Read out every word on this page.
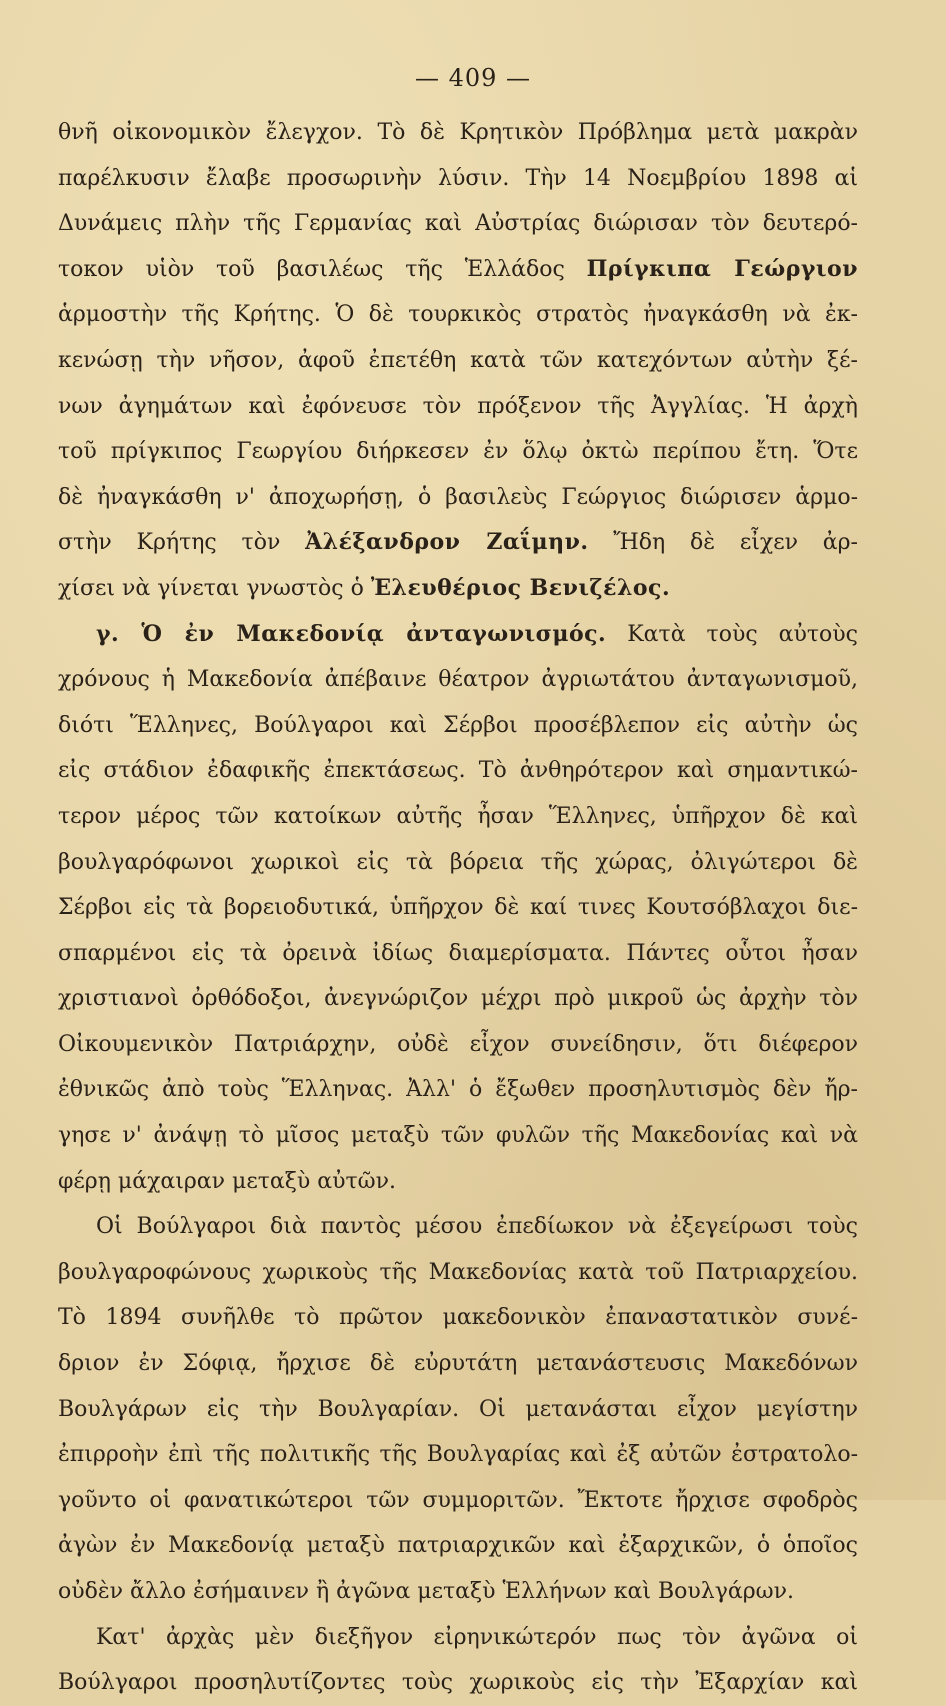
— 409 —
θνῆ οἰκονομικὸν ἔλεγχον. Τὸ δὲ Κρητικὸν Πρόβλημα μετὰ μακρὰν
παρέλκυσιν ἔλαβε προσωρινὴν λύσιν. Τὴν 14 Νοεμβρίου 1898 αἱ
Δυνάμεις πλὴν τῆς Γερμανίας καὶ Αὐστρίας διώρισαν τὸν δευτερό-
τοκον υἱὸν τοῦ βασιλέως τῆς Ἑλλάδος Πρίγκιπα Γεώργιον
ἁρμοστὴν τῆς Κρήτης. Ὁ δὲ τουρκικὸς στρατὸς ἠναγκάσθη νὰ ἐκ-
κενώσῃ τὴν νῆσον, ἀφοῦ ἐπετέθη κατὰ τῶν κατεχόντων αὐτὴν ξέ-
νων ἀγημάτων καὶ ἐφόνευσε τὸν πρόξενον τῆς Ἀγγλίας. Ἡ ἀρχὴ
τοῦ πρίγκιπος Γεωργίου διήρκεσεν ἐν ὅλῳ ὀκτὼ περίπου ἔτη. Ὅτε
δὲ ἠναγκάσθη ν' ἀποχωρήσῃ, ὁ βασιλεὺς Γεώργιος διώρισεν ἁρμο-
στὴν Κρήτης τὸν Ἀλέξανδρον Ζαΐμην. Ἤδη δὲ εἶχεν ἀρ-
χίσει νὰ γίνεται γνωστὸς ὁ Ἐλευθέριος Βενιζέλος.
γ. Ὁ ἐν Μακεδονίᾳ ἀνταγωνισμός. Κατὰ τοὺς αὐτοὺς
χρόνους ἡ Μακεδονία ἀπέβαινε θέατρον ἀγριωτάτου ἀνταγωνισμοῦ,
διότι Ἕλληνες, Βούλγαροι καὶ Σέρβοι προσέβλεπον εἰς αὐτὴν ὡς
εἰς στάδιον ἐδαφικῆς ἐπεκτάσεως. Τὸ ἀνθηρότερον καὶ σημαντικώ-
τερον μέρος τῶν κατοίκων αὐτῆς ἦσαν Ἕλληνες, ὑπῆρχον δὲ καὶ
βουλγαρόφωνοι χωρικοὶ εἰς τὰ βόρεια τῆς χώρας, ὀλιγώτεροι δὲ
Σέρβοι εἰς τὰ βορειοδυτικά, ὑπῆρχον δὲ καί τινες Κουτσόβλαχοι διε-
σπαρμένοι εἰς τὰ ὀρεινὰ ἰδίως διαμερίσματα. Πάντες οὗτοι ἦσαν
χριστιανοὶ ὀρθόδοξοι, ἀνεγνώριζον μέχρι πρὸ μικροῦ ὡς ἀρχὴν τὸν
Οἰκουμενικὸν Πατριάρχην, οὐδὲ εἶχον συνείδησιν, ὅτι διέφερον
ἐθνικῶς ἀπὸ τοὺς Ἕλληνας. Ἀλλ' ὁ ἔξωθεν προσηλυτισμὸς δὲν ἤρ-
γησε ν' ἀνάψῃ τὸ μῖσος μεταξὺ τῶν φυλῶν τῆς Μακεδονίας καὶ νὰ
φέρῃ μάχαιραν μεταξὺ αὐτῶν.
Οἱ Βούλγαροι διὰ παντὸς μέσου ἐπεδίωκον νὰ ἐξεγείρωσι τοὺς
βουλγαροφώνους χωρικοὺς τῆς Μακεδονίας κατὰ τοῦ Πατριαρχείου.
Τὸ 1894 συνῆλθε τὸ πρῶτον μακεδονικὸν ἐπαναστατικὸν συνέ-
δριον ἐν Σόφιᾳ, ἤρχισε δὲ εὐρυτάτη μετανάστευσις Μακεδόνων
Βουλγάρων εἰς τὴν Βουλγαρίαν. Οἱ μετανάσται εἶχον μεγίστην
ἐπιρροὴν ἐπὶ τῆς πολιτικῆς τῆς Βουλγαρίας καὶ ἐξ αὐτῶν ἐστρατολο-
γοῦντο οἱ φανατικώτεροι τῶν συμμοριτῶν. Ἔκτοτε ἤρχισε σφοδρὸς
ἀγὼν ἐν Μακεδονίᾳ μεταξὺ πατριαρχικῶν καὶ ἐξαρχικῶν, ὁ ὁποῖος
οὐδὲν ἄλλο ἐσήμαινεν ἢ ἀγῶνα μεταξὺ Ἑλλήνων καὶ Βουλγάρων.
Κατ' ἀρχὰς μὲν διεξῆγον εἰρηνικώτερόν πως τὸν ἀγῶνα οἱ
Βούλγαροι προσηλυτίζοντες τοὺς χωρικοὺς εἰς τὴν Ἐξαρχίαν καὶ
